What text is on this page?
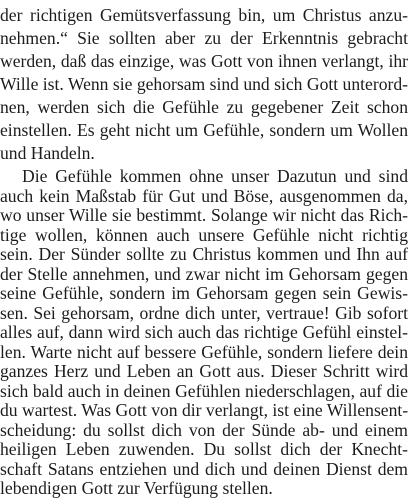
der richtigen Gemütsverfassung bin, um Christus anzu-
nehmen.“ Sie sollten aber zu der Erkenntnis gebracht
werden, daß das einzige, was Gott von ihnen verlangt, ihr
Wille ist. Wenn sie gehorsam sind und sich Gott unterord-
nen, werden sich die Gefühle zu gegebener Zeit schon
einstellen. Es geht nicht um Gefühle, sondern um Wollen
und Handeln.
Die Gefühle kommen ohne unser Dazutun und sind
auch kein Maßstab für Gut und Böse, ausgenommen da,
wo unser Wille sie bestimmt. Solange wir nicht das Rich-
tige wollen, können auch unsere Gefühle nicht richtig
sein. Der Sünder sollte zu Christus kommen und Ihn auf
der Stelle annehmen, und zwar nicht im Gehorsam gegen
seine Gefühle, sondern im Gehorsam gegen sein Gewis-
sen. Sei gehorsam, ordne dich unter, vertraue! Gib sofort
alles auf, dann wird sich auch das richtige Gefühl einstel-
len. Warte nicht auf bessere Gefühle, sondern liefere dein
ganzes Herz und Leben an Gott aus. Dieser Schritt wird
sich bald auch in deinen Gefühlen niederschlagen, auf die
du wartest. Was Gott von dir verlangt, ist eine Willensent-
scheidung: du sollst dich von der Sünde ab- und einem
heiligen Leben zuwenden. Du sollst dich der Knecht-
schaft Satans entziehen und dich und deinen Dienst dem
lebendigen Gott zur Verfügung stellen.
